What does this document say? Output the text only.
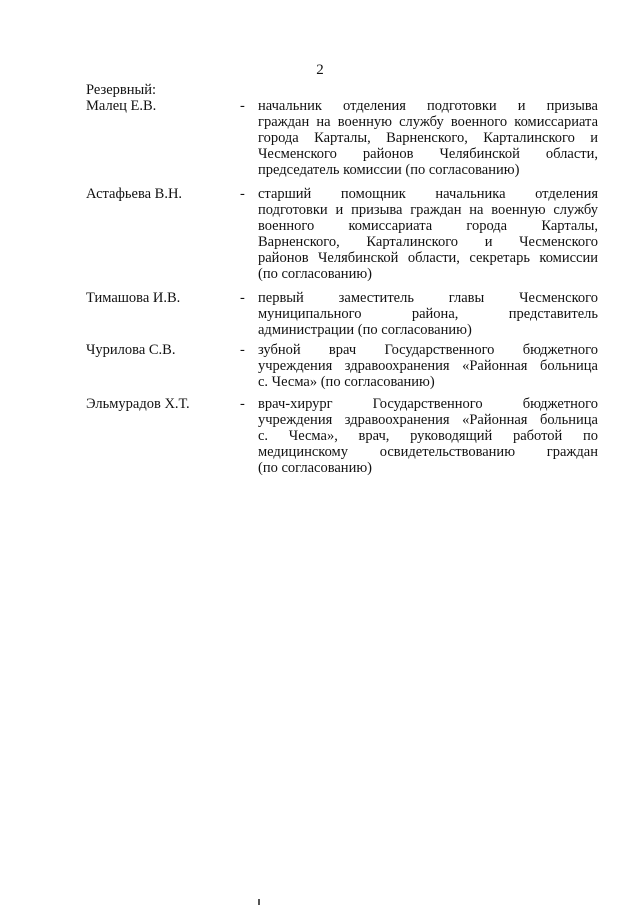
2
Резервный:
Малец Е.В.	- начальник отделения подготовки и призыва
граждан на военную службу военного комиссариата
города Карталы, Варненского, Карталинского и
Чесменского районов Челябинской области,
председатель комиссии (по согласованию)
Астафьева В.Н.	- старший помощник начальника отделения
подготовки и призыва граждан на военную службу
военного комиссариата города Карталы,
Варненского, Карталинского и Чесменского
районов Челябинской области, секретарь комиссии
(по согласованию)
Тимашова И.В.	- первый заместитель главы Чесменского
муниципального района, представитель
администрации (по согласованию)
Чурилова С.В.	- зубной врач Государственного бюджетного
учреждения здравоохранения «Районная больница
с. Чесма» (по согласованию)
Эльмурадов Х.Т.	- врач-хирург Государственного бюджетного
учреждения здравоохранения «Районная больница
с. Чесма», врач, руководящий работой по
медицинскому освидетельствованию граждан
(по согласованию)
